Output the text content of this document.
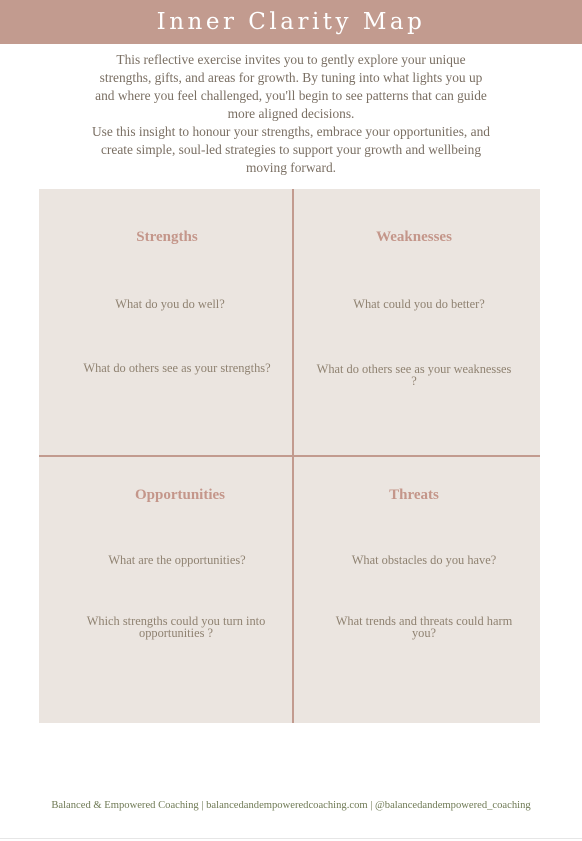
Inner Clarity Map

This reflective exercise invites you to gently explore your unique strengths, gifts, and areas for growth. By tuning into what lights you up and where you feel challenged, you'll begin to see patterns that can guide more aligned decisions.

Use this insight to honour your strengths, embrace your opportunities, and create simple, soul-led strategies to support your growth and wellbeing moving forward.

Strengths
What do you do well?
What do others see as your strengths?
Weaknesses
What could you do better?
What do others see as your weaknesses ?
Opportunities
What are the opportunities?
Which strengths could you turn into opportunities ?
Threats
What obstacles do you have?
What trends and threats could harm you?
Balanced & Empowered Coaching | balancedandempoweredcoaching.com | @balancedandempowered_coaching
